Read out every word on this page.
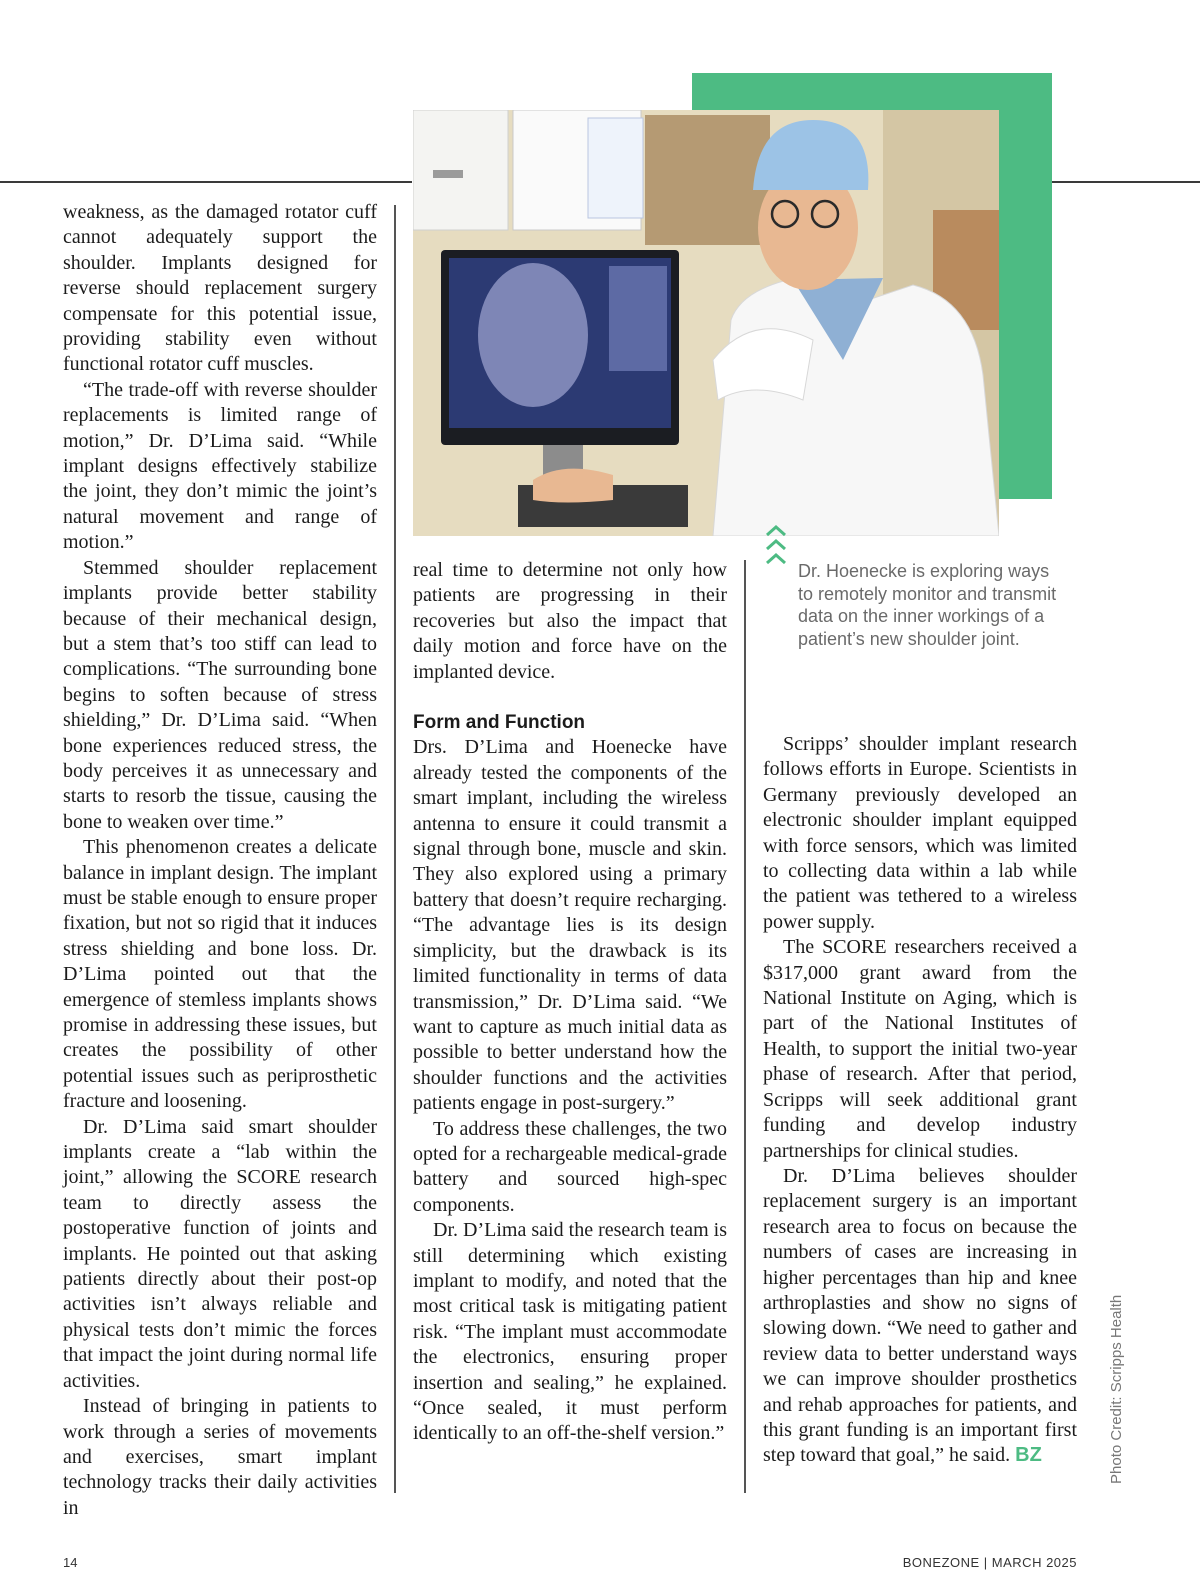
Dr. Hoenecke is exploring ways to remotely monitor and transmit data on the inner workings of a patient’s new shoulder joint.

weakness, as the damaged rotator cuff cannot adequately support the shoulder. Implants designed for reverse should replacement surgery compensate for this potential issue, providing stability even without functional rotator cuff muscles.

“The trade-off with reverse shoulder replacements is limited range of motion,” Dr. D’Lima said. “While implant designs effectively stabilize the joint, they don’t mimic the joint’s natural movement and range of motion.”

Stemmed shoulder replacement implants provide better stability because of their mechanical design, but a stem that’s too stiff can lead to complications. “The surrounding bone begins to soften because of stress shielding,” Dr. D’Lima said. “When bone experiences reduced stress, the body perceives it as unnecessary and starts to resorb the tissue, causing the bone to weaken over time.”

This phenomenon creates a delicate balance in implant design. The implant must be stable enough to ensure proper fixation, but not so rigid that it induces stress shielding and bone loss. Dr. D’Lima pointed out that the emergence of stemless implants shows promise in addressing these issues, but creates the possibility of other potential issues such as periprosthetic fracture and loosening.

Dr. D’Lima said smart shoulder implants create a “lab within the joint,” allowing the SCORE research team to directly assess the postoperative function of joints and implants. He pointed out that asking patients directly about their post-op activities isn’t always reliable and physical tests don’t mimic the forces that impact the joint during normal life activities.

Instead of bringing in patients to work through a series of movements and exercises, smart implant technology tracks their daily activities in

real time to determine not only how patients are progressing in their recoveries but also the impact that daily motion and force have on the implanted device.

Form and Function

Drs. D’Lima and Hoenecke have already tested the components of the smart implant, including the wireless antenna to ensure it could transmit a signal through bone, muscle and skin. They also explored using a primary battery that doesn’t require recharging. “The advantage lies is its design simplicity, but the drawback is its limited functionality in terms of data transmission,” Dr. D’Lima said. “We want to capture as much initial data as possible to better understand how the shoulder functions and the activities patients engage in post-surgery.”

To address these challenges, the two opted for a rechargeable medical-grade battery and sourced high-spec components.

Dr. D’Lima said the research team is still determining which existing implant to modify, and noted that the most critical task is mitigating patient risk. “The implant must accommodate the electronics, ensuring proper insertion and sealing,” he explained. “Once sealed, it must perform identically to an off-the-shelf version.”

Scripps’ shoulder implant research follows efforts in Europe. Scientists in Germany previously developed an electronic shoulder implant equipped with force sensors, which was limited to collecting data within a lab while the patient was tethered to a wireless power supply.

The SCORE researchers received a $317,000 grant award from the National Institute on Aging, which is part of the National Institutes of Health, to support the initial two-year phase of research. After that period, Scripps will seek additional grant funding and develop industry partnerships for clinical studies.

Dr. D’Lima believes shoulder replacement surgery is an important research area to focus on because the numbers of cases are increasing in higher percentages than hip and knee arthroplasties and show no signs of slowing down. “We need to gather and review data to better understand ways we can improve shoulder prosthetics and rehab approaches for patients, and this grant funding is an important first step toward that goal,” he said. BZ	Photo Credit: Scripps Health
14	BONEZONE | MARCH 2025
